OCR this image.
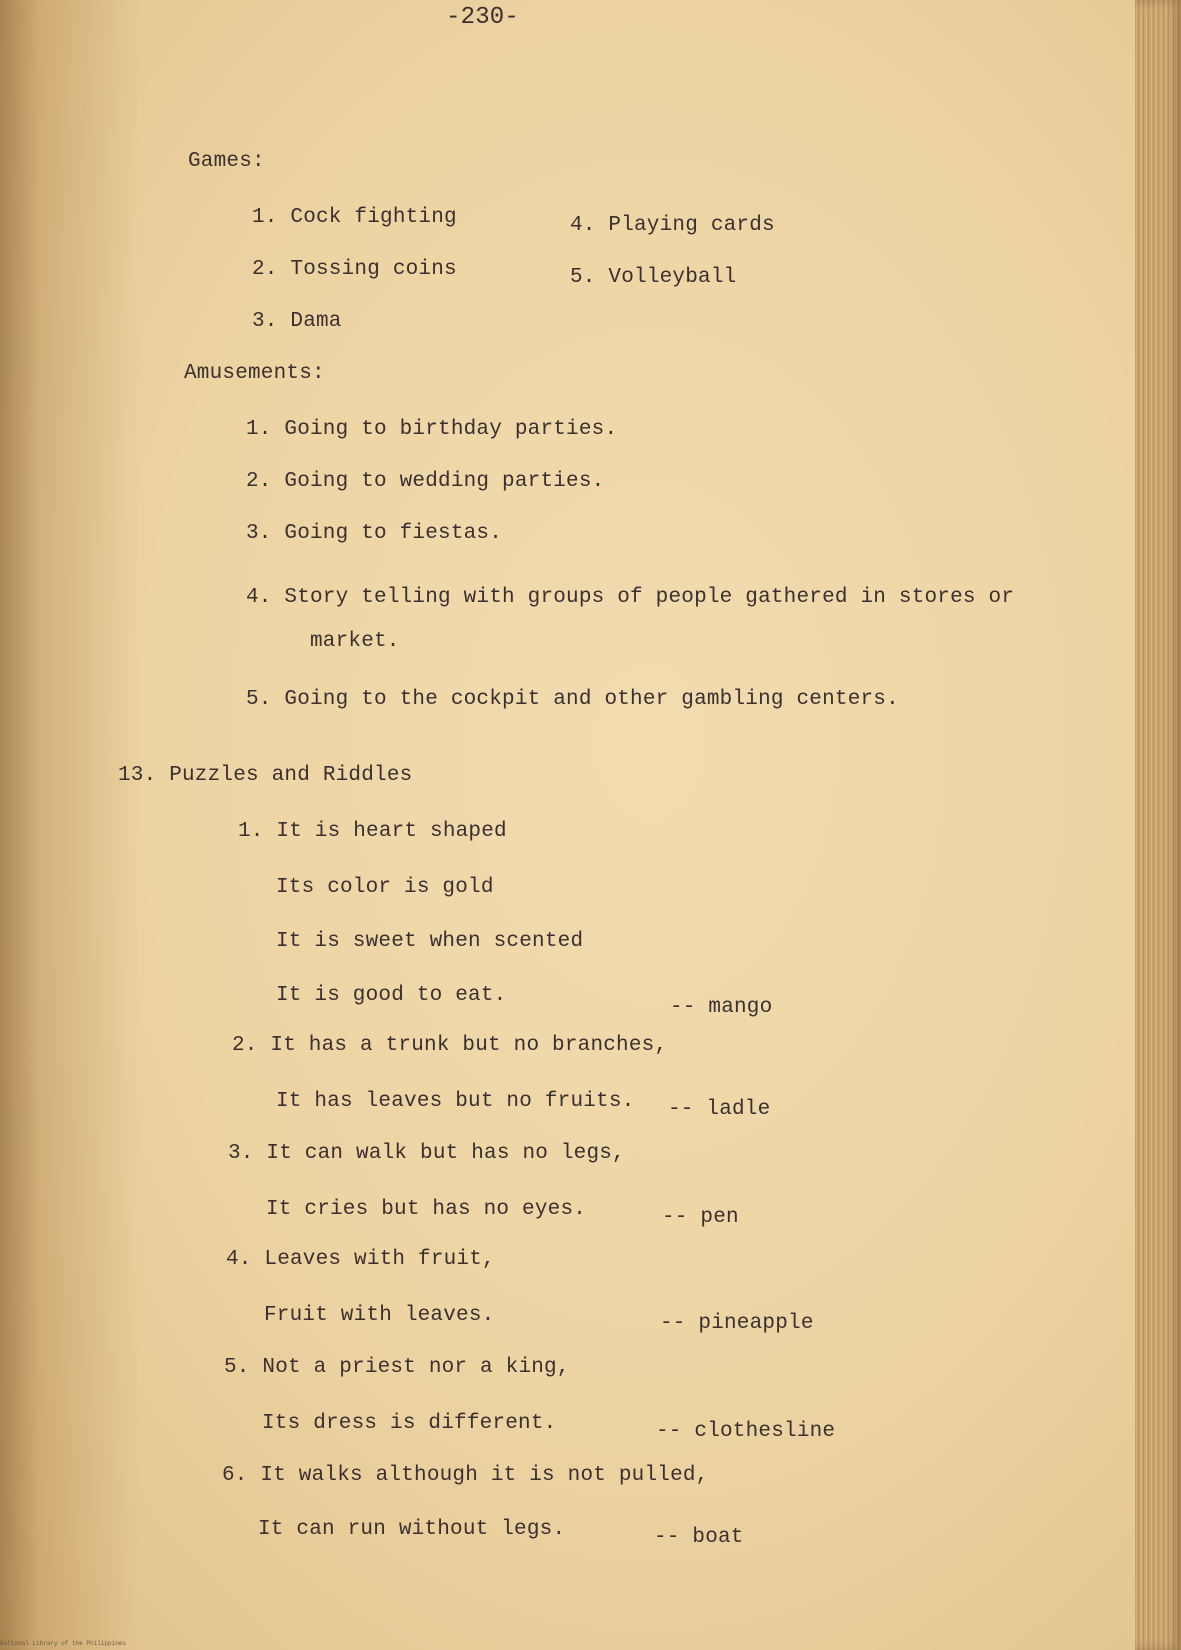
-230-
Games:
1. Cock fighting
2. Tossing coins
3. Dama
4. Playing cards
5. Volleyball
Amusements:
1. Going to birthday parties.
2. Going to wedding parties.
3. Going to fiestas.
4. Story telling with groups of people gathered in stores or
market.
5. Going to the cockpit and other gambling centers.
13. Puzzles and Riddles
1. It is heart shaped
Its color is gold
It is sweet when scented
It is good to eat.
-- mango
2. It has a trunk but no branches,
It has leaves but no fruits. -- ladle
3. It can walk but has no legs,
It cries but has no eyes.	-- pen
4. Leaves with fruit,
Fruit with leaves.	-- pineapple
5. Not a priest nor a king,
Its dress is different.	-- clothesline
6. It walks although it is not pulled,
It can run without legs.	-- boat
National Library of the Philippines
